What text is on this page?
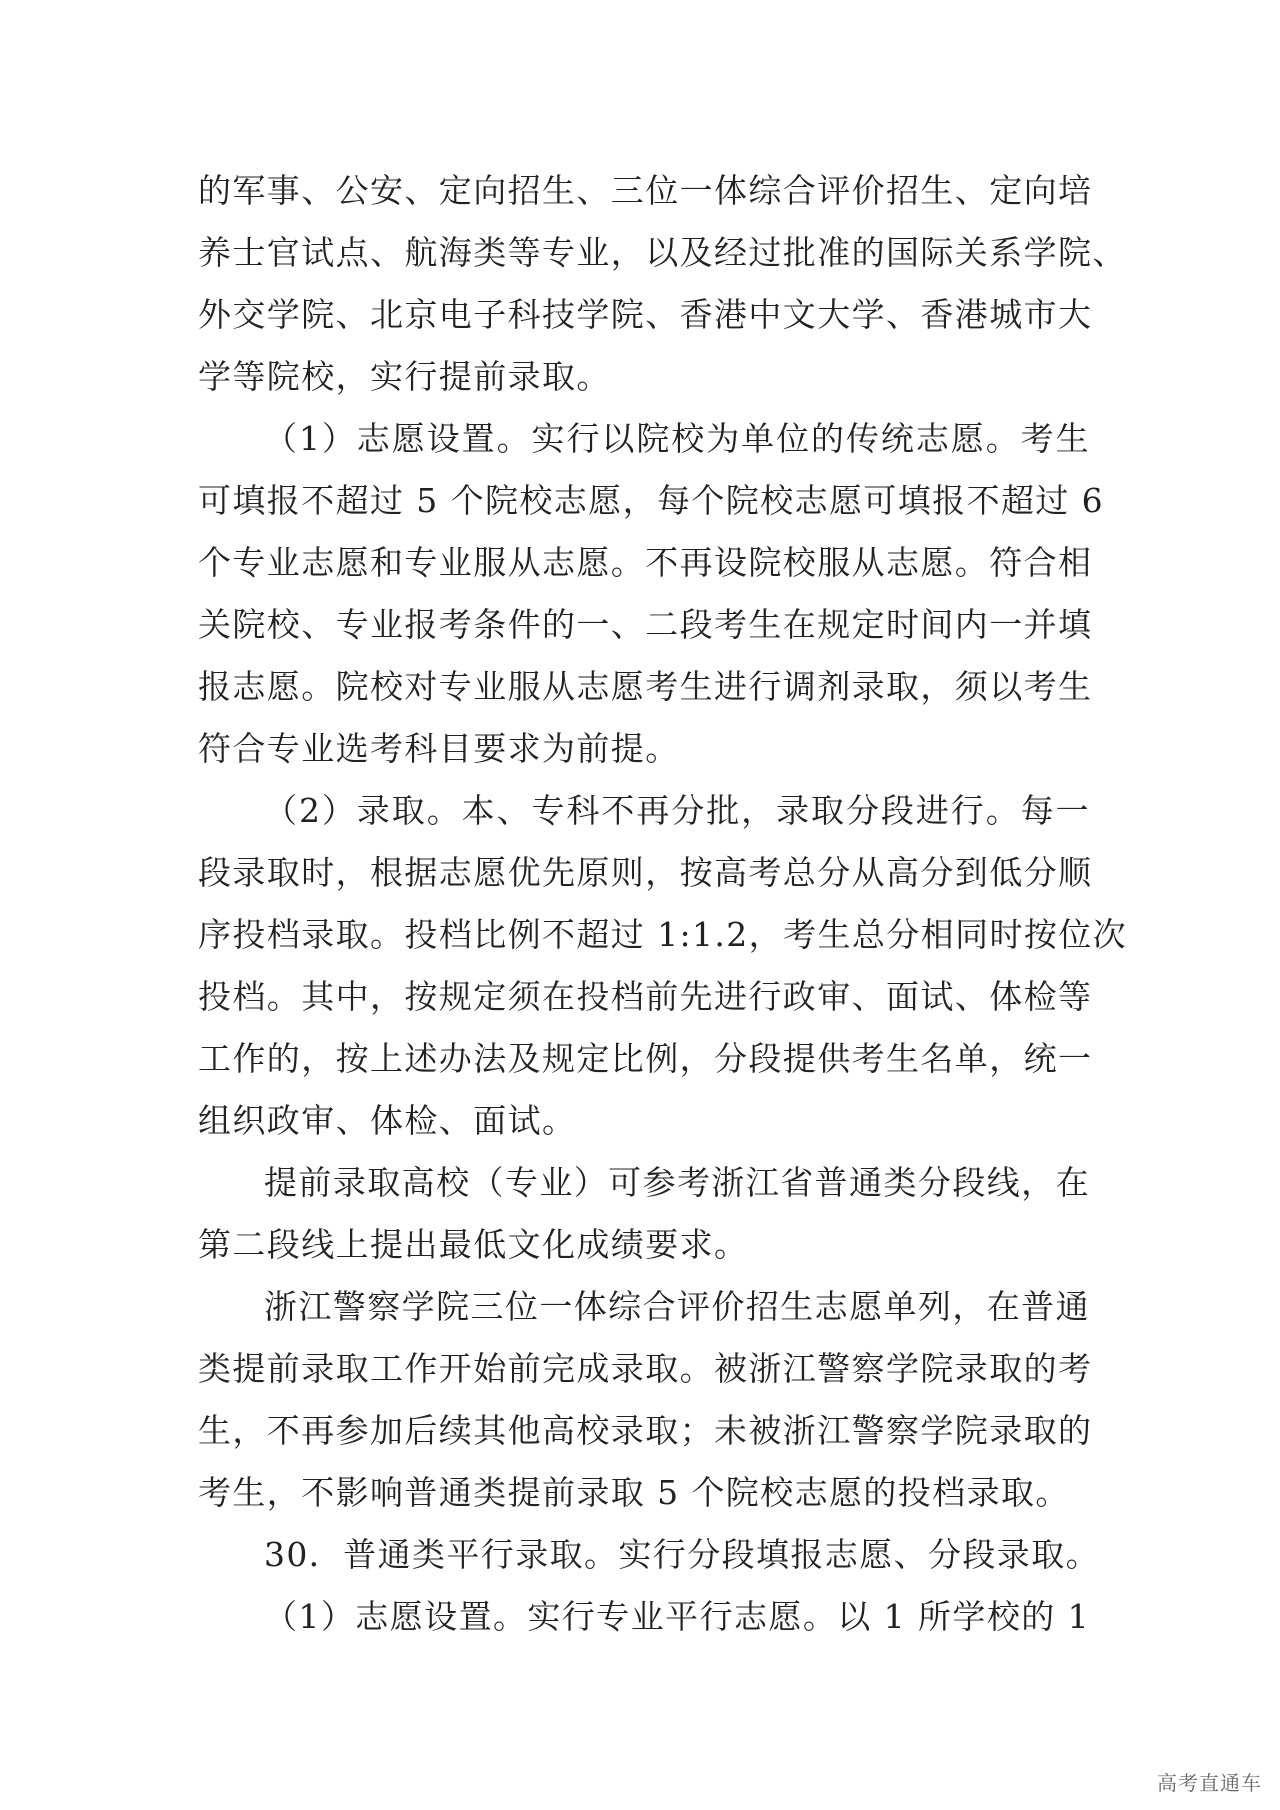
的军事、公安、定向招生、三位一体综合评价招生、定向培
养士官试点、航海类等专业，以及经过批准的国际关系学院、
外交学院、北京电子科技学院、香港中文大学、香港城市大
学等院校，实行提前录取。
（1）志愿设置。实行以院校为单位的传统志愿。考生
可填报不超过 5 个院校志愿，每个院校志愿可填报不超过 6
个专业志愿和专业服从志愿。不再设院校服从志愿。符合相
关院校、专业报考条件的一、二段考生在规定时间内一并填
报志愿。院校对专业服从志愿考生进行调剂录取，须以考生
符合专业选考科目要求为前提。
（2）录取。本、专科不再分批，录取分段进行。每一
段录取时，根据志愿优先原则，按高考总分从高分到低分顺
序投档录取。投档比例不超过 1:1.2，考生总分相同时按位次
投档。其中，按规定须在投档前先进行政审、面试、体检等
工作的，按上述办法及规定比例，分段提供考生名单，统一
组织政审、体检、面试。
提前录取高校（专业）可参考浙江省普通类分段线，在
第二段线上提出最低文化成绩要求。
浙江警察学院三位一体综合评价招生志愿单列，在普通
类提前录取工作开始前完成录取。被浙江警察学院录取的考
生，不再参加后续其他高校录取；未被浙江警察学院录取的
考生，不影响普通类提前录取 5 个院校志愿的投档录取。
30．普通类平行录取。实行分段填报志愿、分段录取。
（1）志愿设置。实行专业平行志愿。以 1 所学校的 1
高考直通车
